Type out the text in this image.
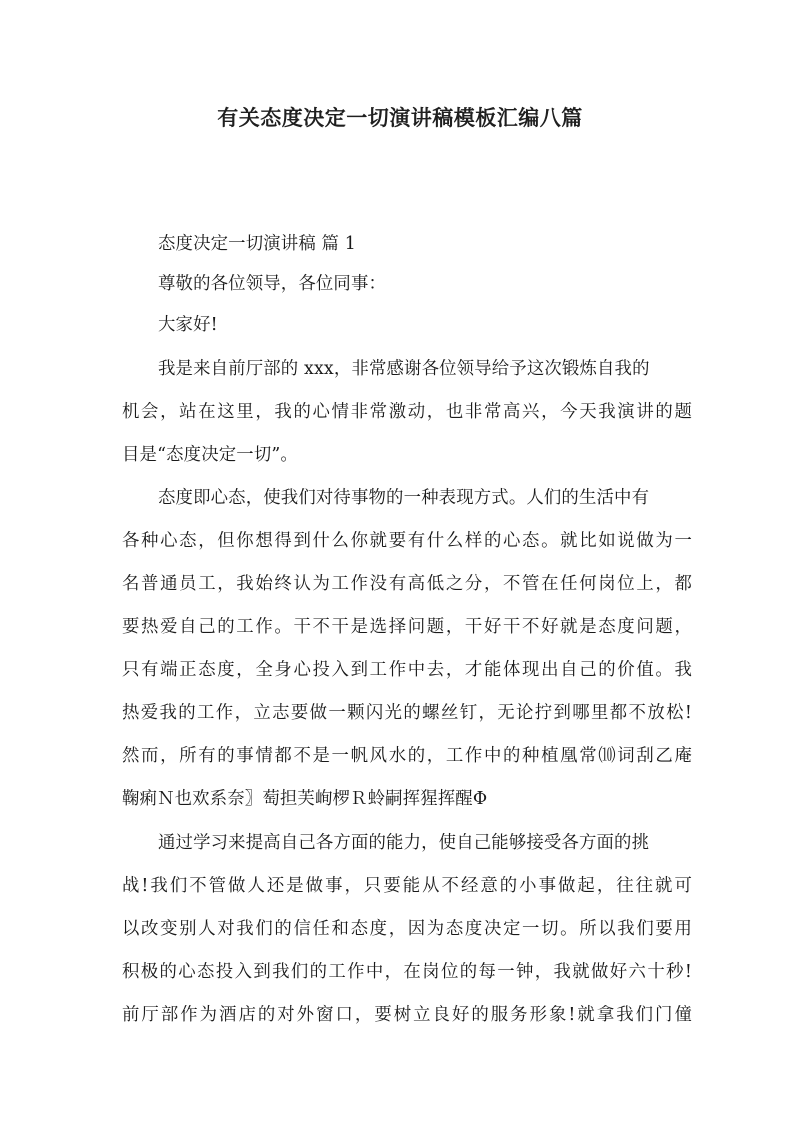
有关态度决定一切演讲稿模板汇编八篇
态度决定一切演讲稿 篇 1
尊敬的各位领导，各位同事：
大家好!
我是来自前厅部的 xxx，非常感谢各位领导给予这次锻炼自我的
机会，站在这里，我的心情非常激动，也非常高兴，今天我演讲的题
目是“态度决定一切”。
态度即心态，使我们对待事物的一种表现方式。人们的生活中有
各种心态，但你想得到什么你就要有什么样的心态。就比如说做为一
名普通员工，我始终认为工作没有高低之分，不管在任何岗位上，都
要热爱自己的工作。干不干是选择问题，干好干不好就是态度问题，
只有端正态度，全身心投入到工作中去，才能体现出自己的价值。我
热爱我的工作，立志要做一颗闪光的螺丝钉，无论拧到哪里都不放松!
然而，所有的事情都不是一帆风水的，工作中的种植凰常⑽词刮乙庵
鞠痢Ｎ也欢系奈〗萄担芙峋椤Ｒ蛉嗣挥猩挥醒Φ
通过学习来提高自己各方面的能力，使自己能够接受各方面的挑
战!我们不管做人还是做事，只要能从不经意的小事做起，往往就可
以改变别人对我们的信任和态度，因为态度决定一切。所以我们要用
积极的心态投入到我们的工作中，在岗位的每一钟，我就做好六十秒!
前厅部作为酒店的对外窗口，要树立良好的服务形象!就拿我们门僮
